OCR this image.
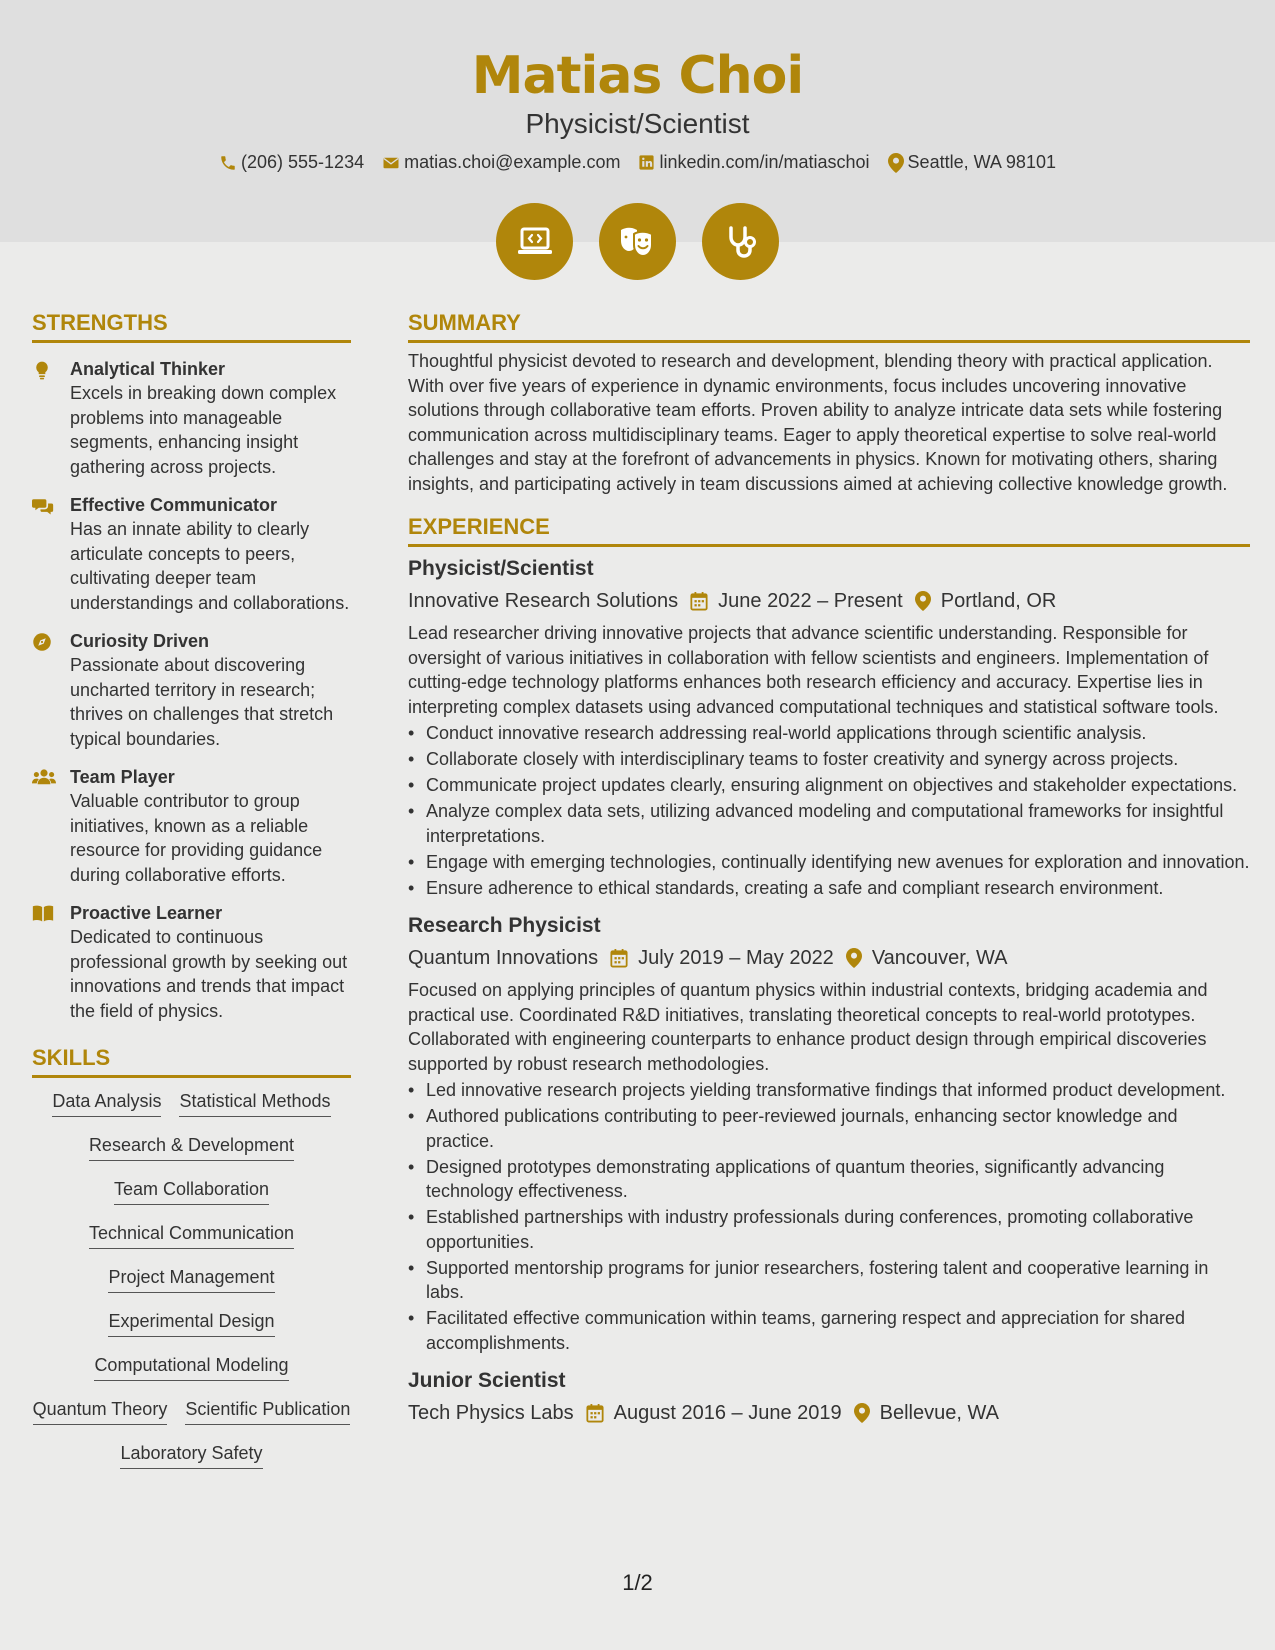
Matias Choi
Physicist/Scientist
(206) 555-1234 matias.choi@example.com linkedin.com/in/matiaschoi Seattle, WA 98101
STRENGTHS
Analytical Thinker
Excels in breaking down complex problems into manageable segments, enhancing insight gathering across projects.
Effective Communicator
Has an innate ability to clearly articulate concepts to peers, cultivating deeper team understandings and collaborations.
Curiosity Driven
Passionate about discovering uncharted territory in research; thrives on challenges that stretch typical boundaries.
Team Player
Valuable contributor to group initiatives, known as a reliable resource for providing guidance during collaborative efforts.
Proactive Learner
Dedicated to continuous professional growth by seeking out innovations and trends that impact the field of physics.
SKILLS
Data Analysis Statistical Methods
Research & Development
Team Collaboration
Technical Communication
Project Management
Experimental Design
Computational Modeling
Quantum Theory Scientific Publication
Laboratory Safety
SUMMARY
Thoughtful physicist devoted to research and development, blending theory with practical application. With over five years of experience in dynamic environments, focus includes uncovering innovative solutions through collaborative team efforts. Proven ability to analyze intricate data sets while fostering communication across multidisciplinary teams. Eager to apply theoretical expertise to solve real-world challenges and stay at the forefront of advancements in physics. Known for motivating others, sharing insights, and participating actively in team discussions aimed at achieving collective knowledge growth.
EXPERIENCE
Physicist/Scientist
Innovative Research Solutions June 2022 – Present Portland, OR
Lead researcher driving innovative projects that advance scientific understanding. Responsible for oversight of various initiatives in collaboration with fellow scientists and engineers. Implementation of cutting-edge technology platforms enhances both research efficiency and accuracy. Expertise lies in interpreting complex datasets using advanced computational techniques and statistical software tools.
• Conduct innovative research addressing real-world applications through scientific analysis.
• Collaborate closely with interdisciplinary teams to foster creativity and synergy across projects.
• Communicate project updates clearly, ensuring alignment on objectives and stakeholder expectations.
• Analyze complex data sets, utilizing advanced modeling and computational frameworks for insightful interpretations.
• Engage with emerging technologies, continually identifying new avenues for exploration and innovation.
• Ensure adherence to ethical standards, creating a safe and compliant research environment.
Research Physicist
Quantum Innovations July 2019 – May 2022 Vancouver, WA
Focused on applying principles of quantum physics within industrial contexts, bridging academia and practical use. Coordinated R&D initiatives, translating theoretical concepts to real-world prototypes. Collaborated with engineering counterparts to enhance product design through empirical discoveries supported by robust research methodologies.
• Led innovative research projects yielding transformative findings that informed product development.
• Authored publications contributing to peer-reviewed journals, enhancing sector knowledge and practice.
• Designed prototypes demonstrating applications of quantum theories, significantly advancing technology effectiveness.
• Established partnerships with industry professionals during conferences, promoting collaborative opportunities.
• Supported mentorship programs for junior researchers, fostering talent and cooperative learning in labs.
• Facilitated effective communication within teams, garnering respect and appreciation for shared accomplishments.
Junior Scientist
Tech Physics Labs August 2016 – June 2019 Bellevue, WA
1/2
